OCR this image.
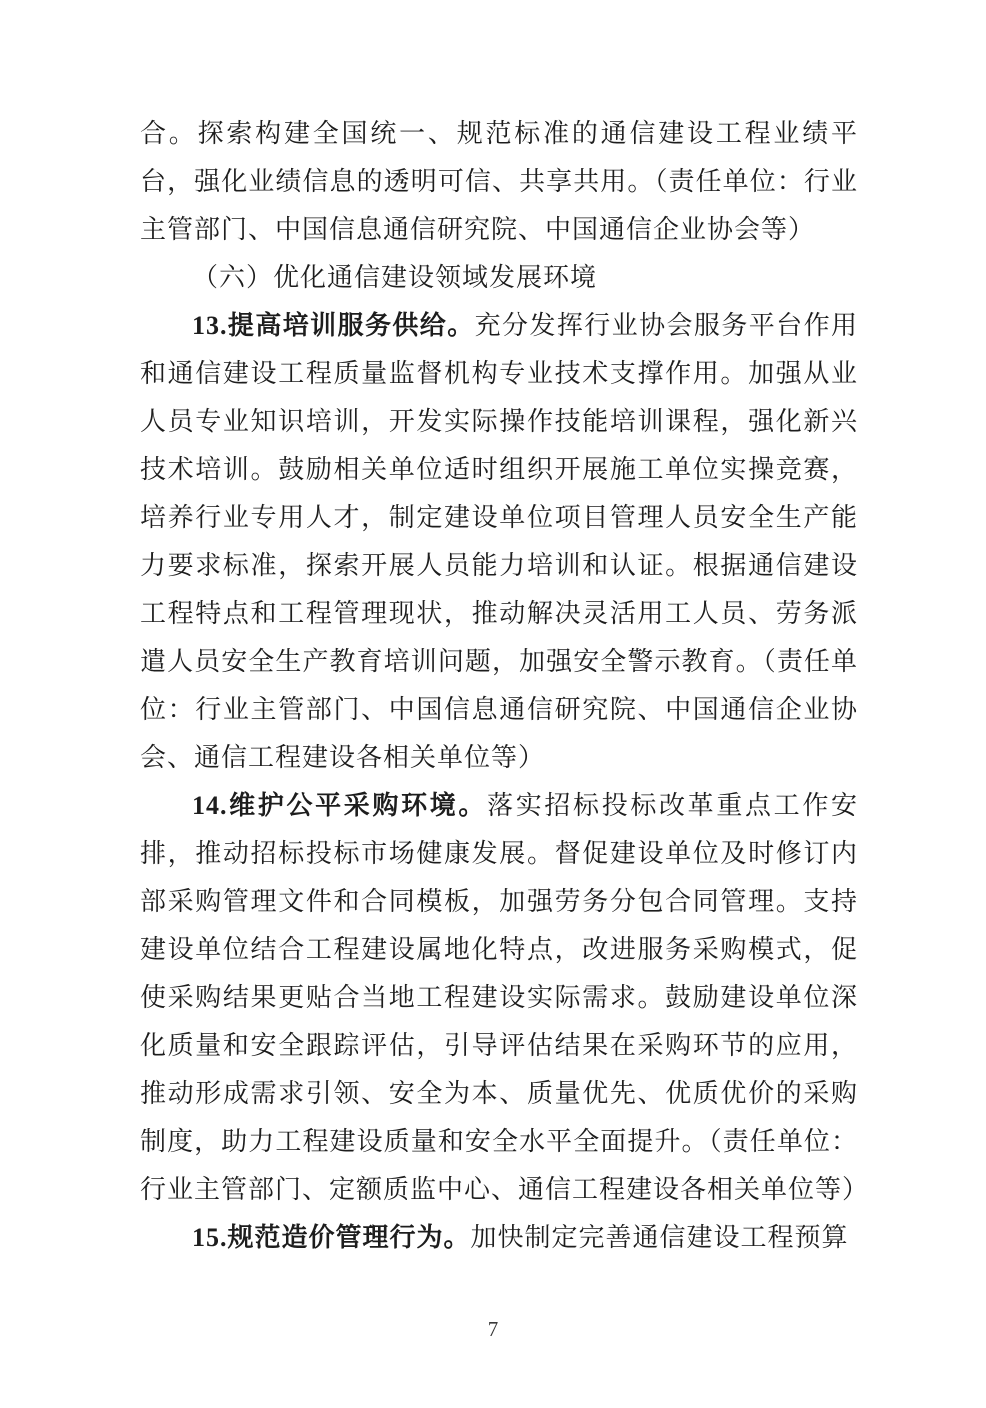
合。探索构建全国统一、规范标准的通信建设工程业绩平台，强化业绩信息的透明可信、共享共用。（责任单位：行业主管部门、中国信息通信研究院、中国通信企业协会等）

（六）优化通信建设领域发展环境

13.提高培训服务供给。充分发挥行业协会服务平台作用和通信建设工程质量监督机构专业技术支撑作用。加强从业人员专业知识培训，开发实际操作技能培训课程，强化新兴技术培训。鼓励相关单位适时组织开展施工单位实操竞赛，培养行业专用人才，制定建设单位项目管理人员安全生产能力要求标准，探索开展人员能力培训和认证。根据通信建设工程特点和工程管理现状，推动解决灵活用工人员、劳务派遣人员安全生产教育培训问题，加强安全警示教育。（责任单位：行业主管部门、中国信息通信研究院、中国通信企业协会、通信工程建设各相关单位等）

14.维护公平采购环境。落实招标投标改革重点工作安排，推动招标投标市场健康发展。督促建设单位及时修订内部采购管理文件和合同模板，加强劳务分包合同管理。支持建设单位结合工程建设属地化特点，改进服务采购模式，促使采购结果更贴合当地工程建设实际需求。鼓励建设单位深化质量和安全跟踪评估，引导评估结果在采购环节的应用，推动形成需求引领、安全为本、质量优先、优质优价的采购制度，助力工程建设质量和安全水平全面提升。（责任单位：行业主管部门、定额质监中心、通信工程建设各相关单位等）

15.规范造价管理行为。加快制定完善通信建设工程预算

7
